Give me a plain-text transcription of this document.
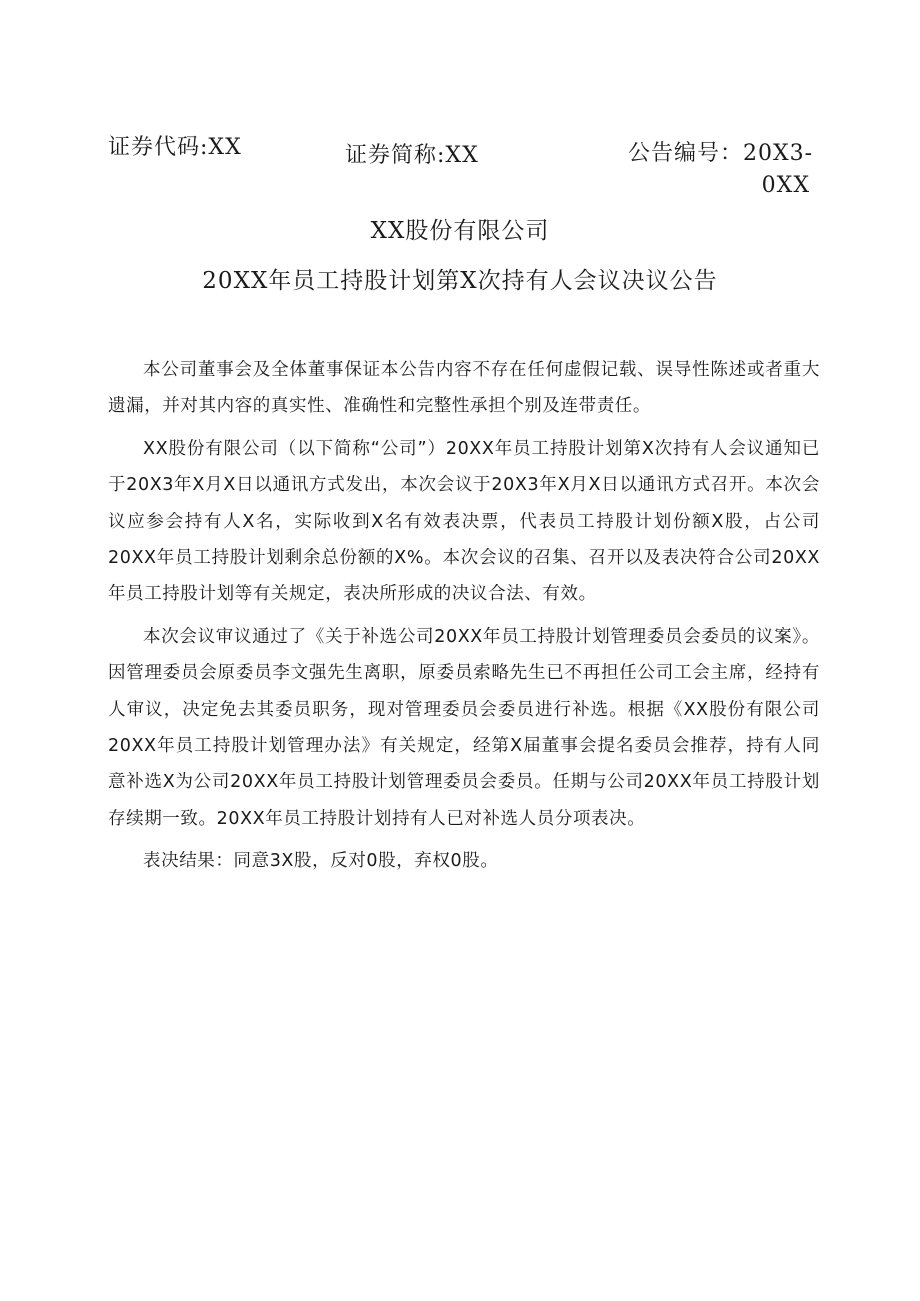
证券代码:XX	证券简称:XX	公告编号：20X3-
0XX
XX股份有限公司
20XX年员工持股计划第X次持有人会议决议公告

本公司董事会及全体董事保证本公告内容不存在任何虚假记载、误导性陈述或者重大遗漏，并对其内容的真实性、准确性和完整性承担个别及连带责任。

XX股份有限公司（以下简称“公司”）20XX年员工持股计划第X次持有人会议通知已于20X3年X月X日以通讯方式发出，本次会议于20X3年X月X日以通讯方式召开。本次会议应参会持有人X名，实际收到X名有效表决票，代表员工持股计划份额X股，占公司20XX年员工持股计划剩余总份额的X%。本次会议的召集、召开以及表决符合公司20XX年员工持股计划等有关规定，表决所形成的决议合法、有效。

本次会议审议通过了《关于补选公司20XX年员工持股计划管理委员会委员的议案》。因管理委员会原委员李文强先生离职，原委员索略先生已不再担任公司工会主席，经持有人审议，决定免去其委员职务，现对管理委员会委员进行补选。根据《XX股份有限公司20XX年员工持股计划管理办法》有关规定，经第X届董事会提名委员会推荐，持有人同意补选X为公司20XX年员工持股计划管理委员会委员。任期与公司20XX年员工持股计划存续期一致。20XX年员工持股计划持有人已对补选人员分项表决。

表决结果：同意3X股，反对0股，弃权0股。
